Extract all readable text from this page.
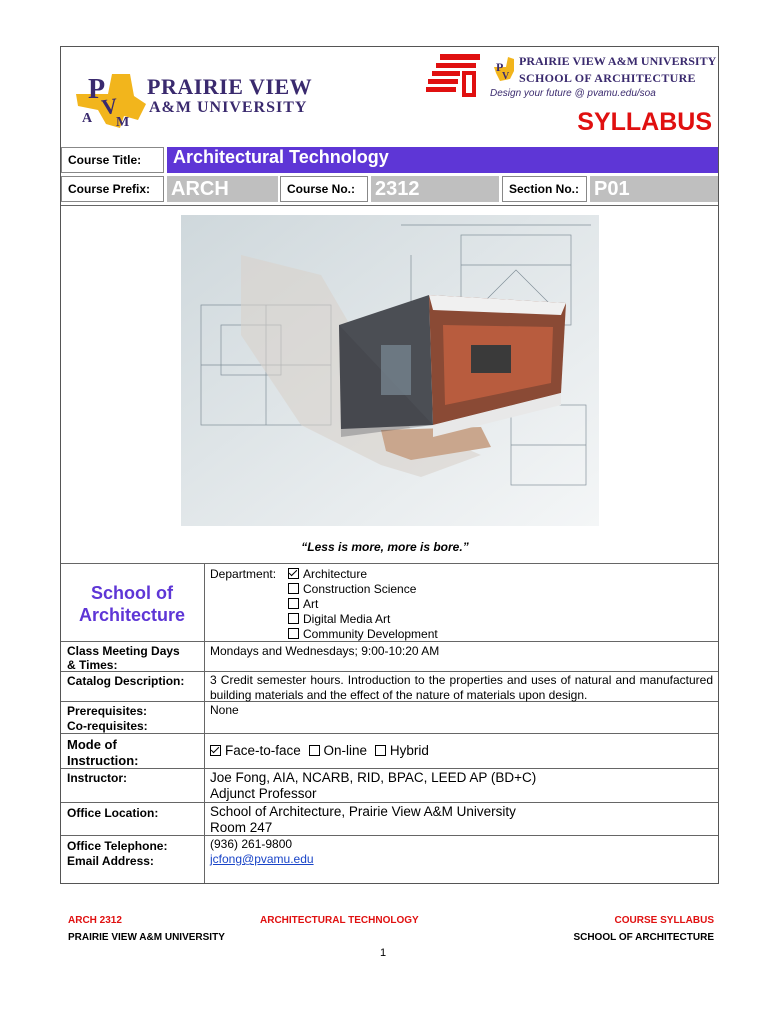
P
V
A M
PRAIRIE VIEW
A&M UNIVERSITY
P
V
PRAIRIE VIEW A&M UNIVERSITY
SCHOOL OF ARCHITECTURE
Design your future @ pvamu.edu/soa
SYLLABUS
Course Title:	Architectural Technology
Course Prefix:	ARCH	Course No.: 2312	Section No.: P01
“Less is more, more is bore.”
School of
Architecture
Department:	Architecture
Construction Science
Art
Digital Media Art
Community Development
Class Meeting Days
& Times:
Mondays and Wednesdays; 9:00-10:20 AM
Catalog Description: 3 Credit semester hours. Introduction to the properties and uses of natural and manufactured building materials and the effect of the nature of materials upon design.
Prerequisites:	None
Co-requisites:
Mode of
Instruction:
Face-to-face On-line Hybrid
Instructor:	Joe Fong, AIA, NCARB, RID, BPAC, LEED AP (BD+C)
Adjunct Professor
Office Location:	School of Architecture, Prairie View A&M University
Room 247
Office Telephone:	(936) 261-9800
Email Address:	jcfong@pvamu.edu
ARCH 2312	ARCHITECTURAL TECHNOLOGY	COURSE SYLLABUS
PRAIRIE VIEW A&M UNIVERSITY	SCHOOL OF ARCHITECTURE
1
